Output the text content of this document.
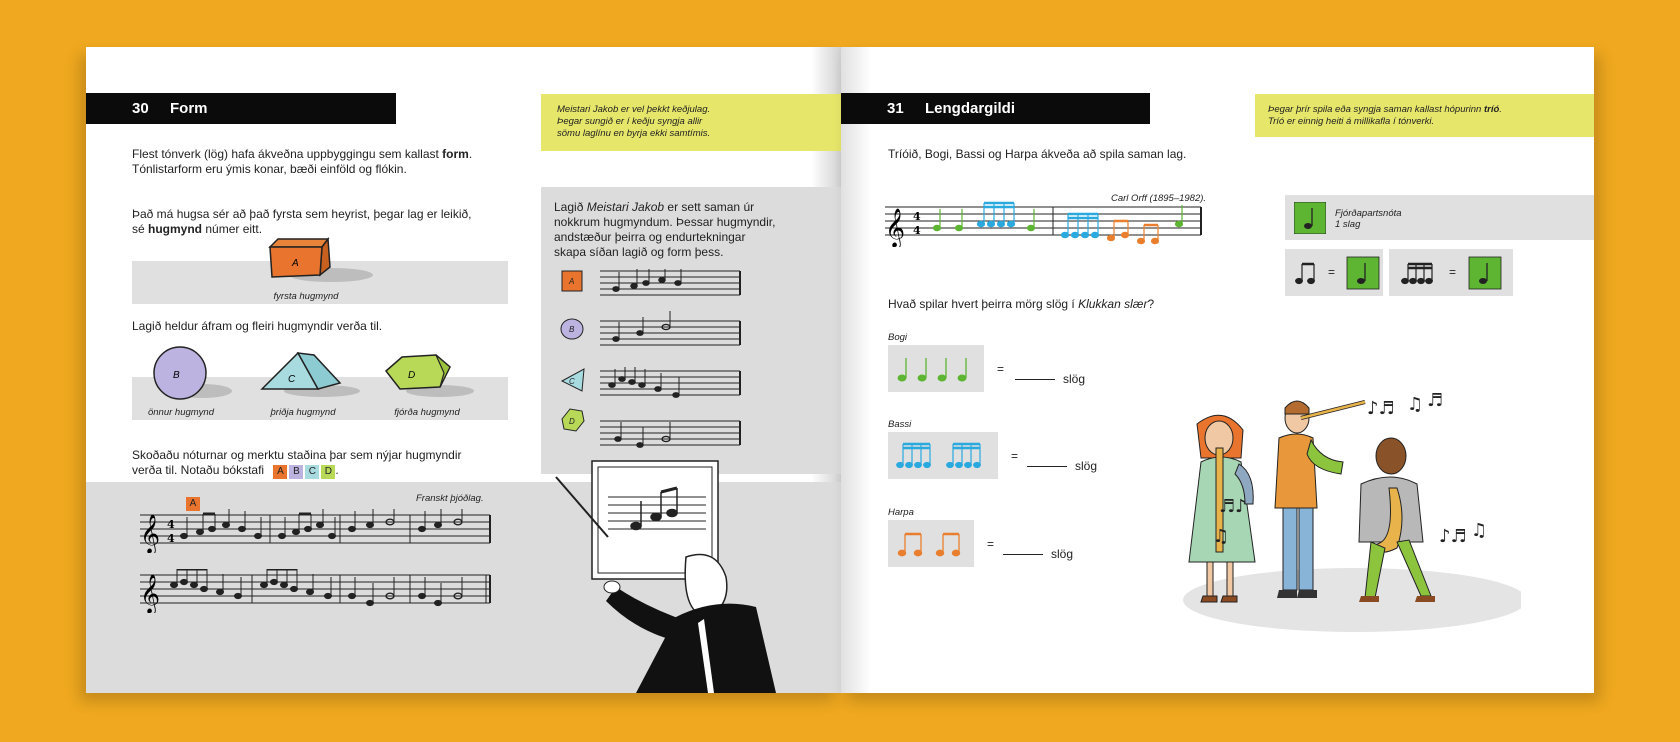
30	Form	Meistari Jakob er vel þekkt keðjulag.
Þegar sungið er í keðju syngja allir
sömu laglínu en byrja ekki samtímis.

Flest tónverk (lög) hafa ákveðna uppbyggingu sem kallast form.
Tónlistarform eru ýmis konar, bæði einföld og flókin.

Það má hugsa sér að það fyrsta sem heyrist, þegar lag er leikið,
sé hugmynd númer eitt.

A
fyrsta hugmynd

Lagið heldur áfram og fleiri hugmyndir verða til.

B	C	D
önnur hugmynd	þriðja hugmynd	fjórða hugmynd

Skoðaðu nóturnar og merktu staðina þar sem nýjar hugmyndir
verða til. Notaðu bókstafi A B C D .

Franskt þjóðlag.
A
𝄞 4
4
𝄞

Lagið Meistari Jakob er sett saman úr
nokkrum hugmyndum. Þessar hugmyndir,
andstæður þeirra og endurtekningar
skapa síðan lagið og form þess.

A
B
C
D
31	Lengdargildi	Þegar þrír spila eða syngja saman kallast hópurinn tríó.
Tríó er einnig heiti á millikafla í tónverki.

Tríóið, Bogi, Bassi og Harpa ákveða að spila saman lag.

Carl Orff (1895–1982).
𝄞 4
4
Fjórðapartsnóta
1 slag
=	=

Hvað spilar hvert þeirra mörg slög í Klukkan slær?

Bogi
=
slög
Bassi
=
slög
Harpa
=
slög
♪♬ ♫ ♬
♬♪
♫	♪♬ ♫
